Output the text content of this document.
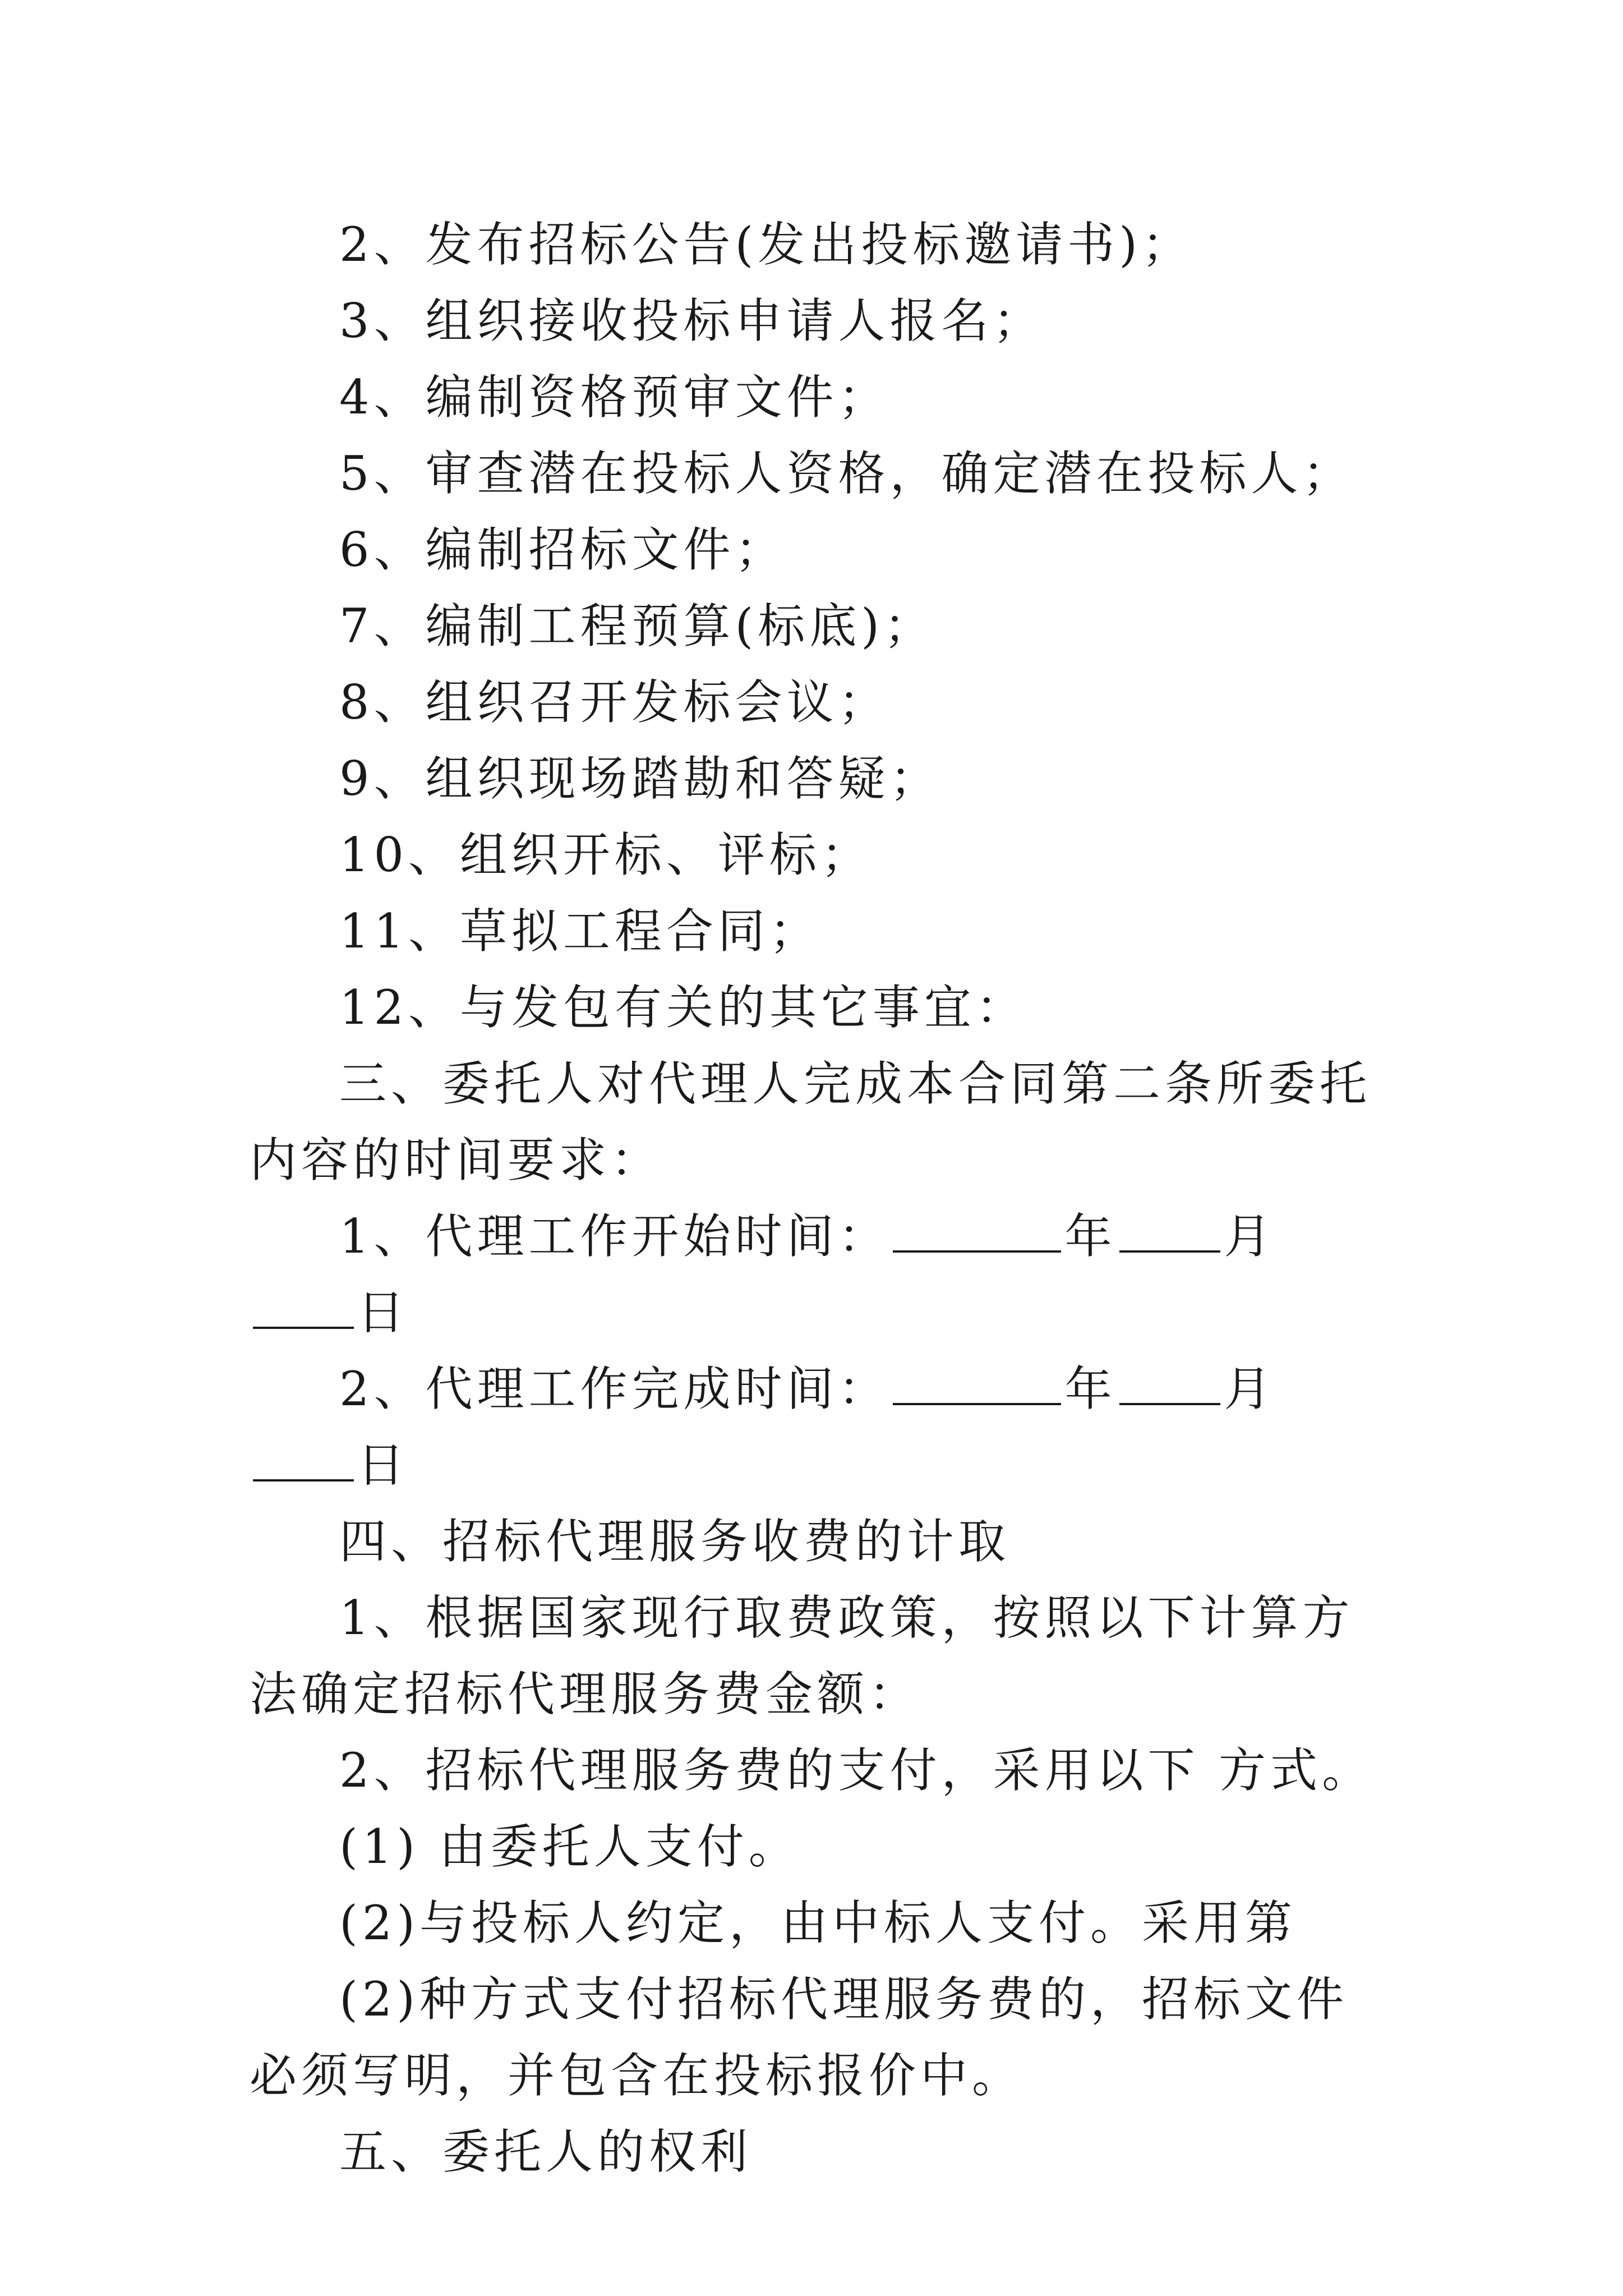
2、发布招标公告(发出投标邀请书)；

3、组织接收投标申请人报名；

4、编制资格预审文件；

5、审查潜在投标人资格，确定潜在投标人；

6、编制招标文件；

7、编制工程预算(标底)；

8、组织召开发标会议；

9、组织现场踏勘和答疑；

10、组织开标、评标；

11、草拟工程合同；

12、与发包有关的其它事宜：

三、委托人对代理人完成本合同第二条所委托内容的时间要求：

1、代理工作开始时间：	年 月日

2、代理工作完成时间：	年 月日

四、招标代理服务收费的计取

1、根据国家现行取费政策，按照以下计算方法确定招标代理服务费金额：

2、招标代理服务费的支付，采用以下 方式。

(1) 由委托人支付。

(2)与投标人约定，由中标人支付。采用第

(2)种方式支付招标代理服务费的，招标文件必须写明，并包含在投标报价中。

五、委托人的权利
